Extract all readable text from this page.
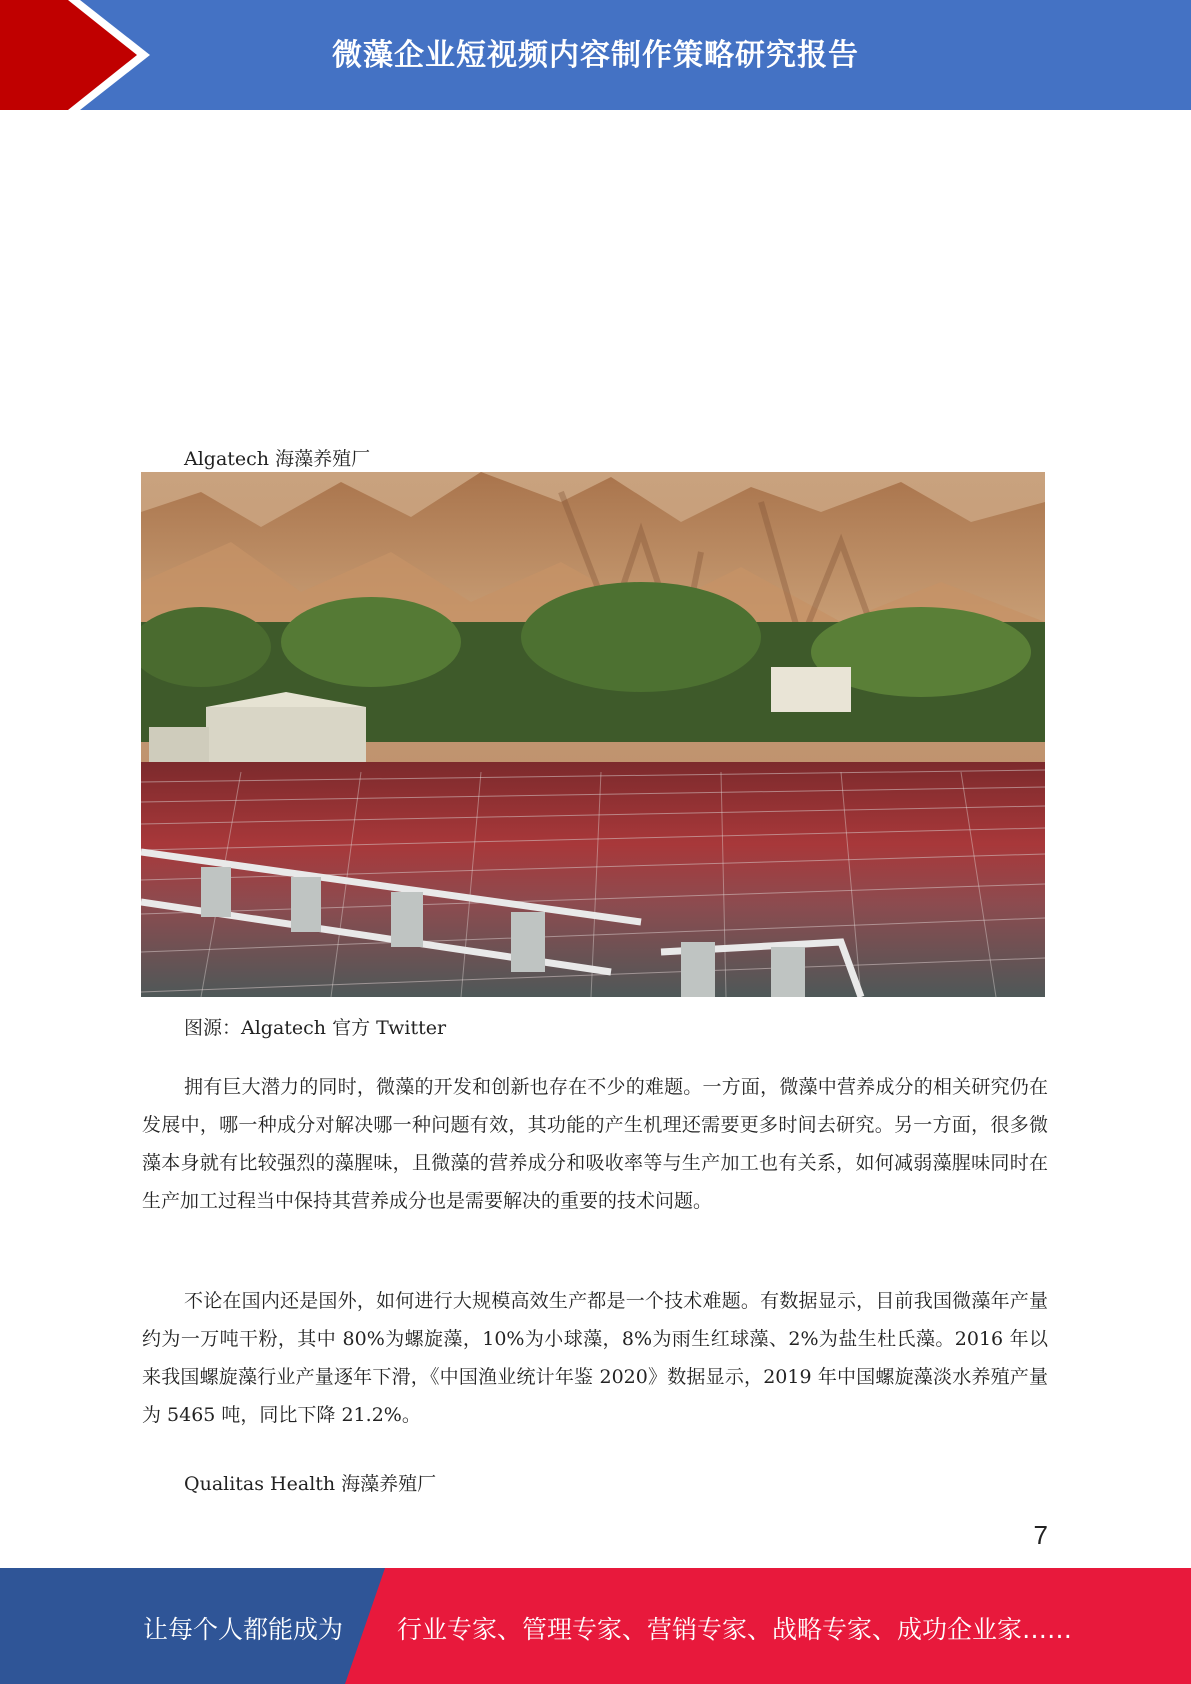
微藻企业短视频内容制作策略研究报告
Algatech 海藻养殖厂
图源：Algatech 官方 Twitter

拥有巨大潜力的同时，微藻的开发和创新也存在不少的难题。一方面，微藻中营养成分的相关研究仍在发展中，哪一种成分对解决哪一种问题有效，其功能的产生机理还需要更多时间去研究。另一方面，很多微藻本身就有比较强烈的藻腥味，且微藻的营养成分和吸收率等与生产加工也有关系，如何减弱藻腥味同时在生产加工过程当中保持其营养成分也是需要解决的重要的技术问题。

不论在国内还是国外，如何进行大规模高效生产都是一个技术难题。有数据显示，目前我国微藻年产量约为一万吨干粉，其中 80%为螺旋藻，10%为小球藻，8%为雨生红球藻、2%为盐生杜氏藻。2016 年以来我国螺旋藻行业产量逐年下滑，《中国渔业统计年鉴 2020》数据显示，2019 年中国螺旋藻淡水养殖产量为 5465 吨，同比下降 21.2%。

Qualitas Health 海藻养殖厂
7
让每个人都能成为 行业专家、管理专家、营销专家、战略专家、成功企业家……
